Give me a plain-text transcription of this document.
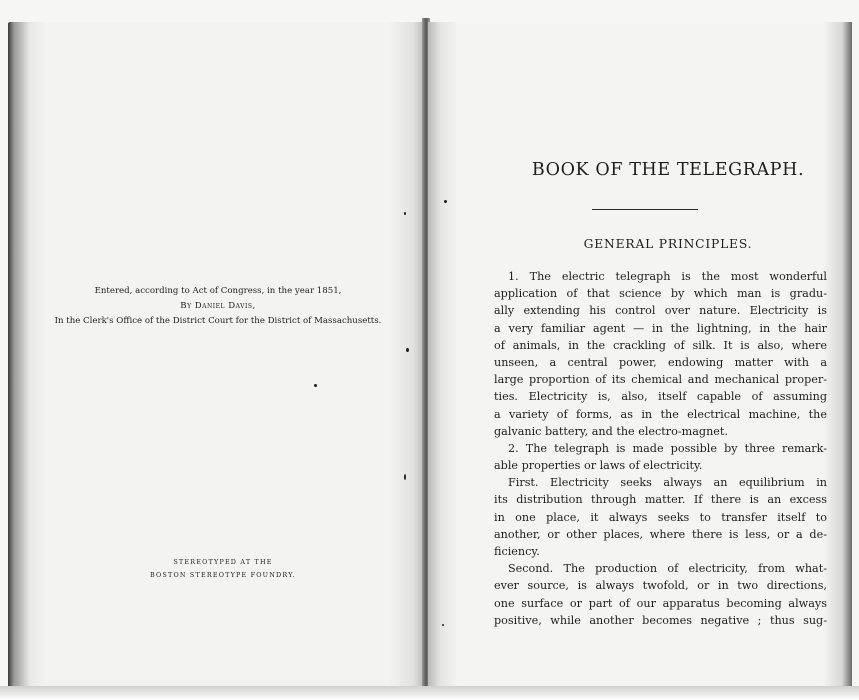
Entered, according to Act of Congress, in the year 1851,
By Daniel Davis,
In the Clerk's Office of the District Court for the District of Massachusetts.
STEREOTYPED AT THE
BOSTON STEREOTYPE FOUNDRY.
BOOK OF THE TELEGRAPH.
GENERAL PRINCIPLES.
1. The electric telegraph is the most wonderful
application of that science by which man is gradu-
ally extending his control over nature. Electricity is
a very familiar agent — in the lightning, in the hair
of animals, in the crackling of silk. It is also, where
unseen, a central power, endowing matter with a
large proportion of its chemical and mechanical proper-
ties. Electricity is, also, itself capable of assuming
a variety of forms, as in the electrical machine, the
galvanic battery, and the electro-magnet.
2. The telegraph is made possible by three remark-
able properties or laws of electricity.
First. Electricity seeks always an equilibrium in
its distribution through matter. If there is an excess
in one place, it always seeks to transfer itself to
another, or other places, where there is less, or a de-
ficiency.
Second. The production of electricity, from what-
ever source, is always twofold, or in two directions,
one surface or part of our apparatus becoming always
positive, while another becomes negative ; thus sug-
